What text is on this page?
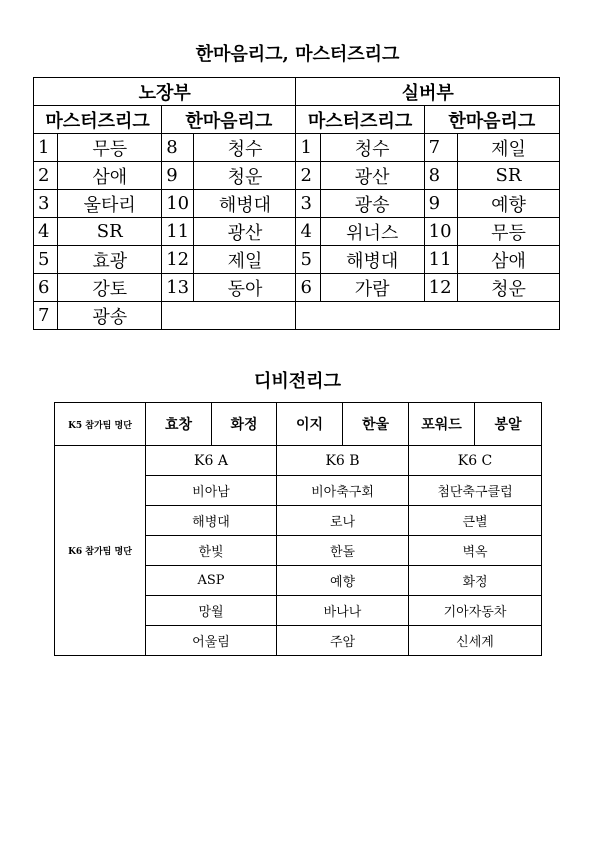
한마음리그, 마스터즈리그
노장부				실버부			
마스터즈리그		한마음리그		마스터즈리그		한마음리그	
1	무등	8	청수	1	청수	7	제일
2	삼애	9	청운	2	광산	8	SR
3	울타리	10	해병대	3	광송	9	예향
4	SR	11	광산	4	위너스	10	무등
5	효광	12	제일	5	해병대	11	삼애
6	강토	13	동아	6	가람	12	청운
7	광송						
디비전리그
K5 참가팀 명단	효창	화정	이지	한울	포워드	봉알
K6 참가팀 명단	K6 A		K6 B		K6 C	
	비아남		비아축구회		첨단축구클럽	
	해병대		로나		큰별	
	한빛		한돌		벽옥	
	ASP		예향		화정	
	망월		바나나		기아자동차	
	어울림		주암		신세계	
